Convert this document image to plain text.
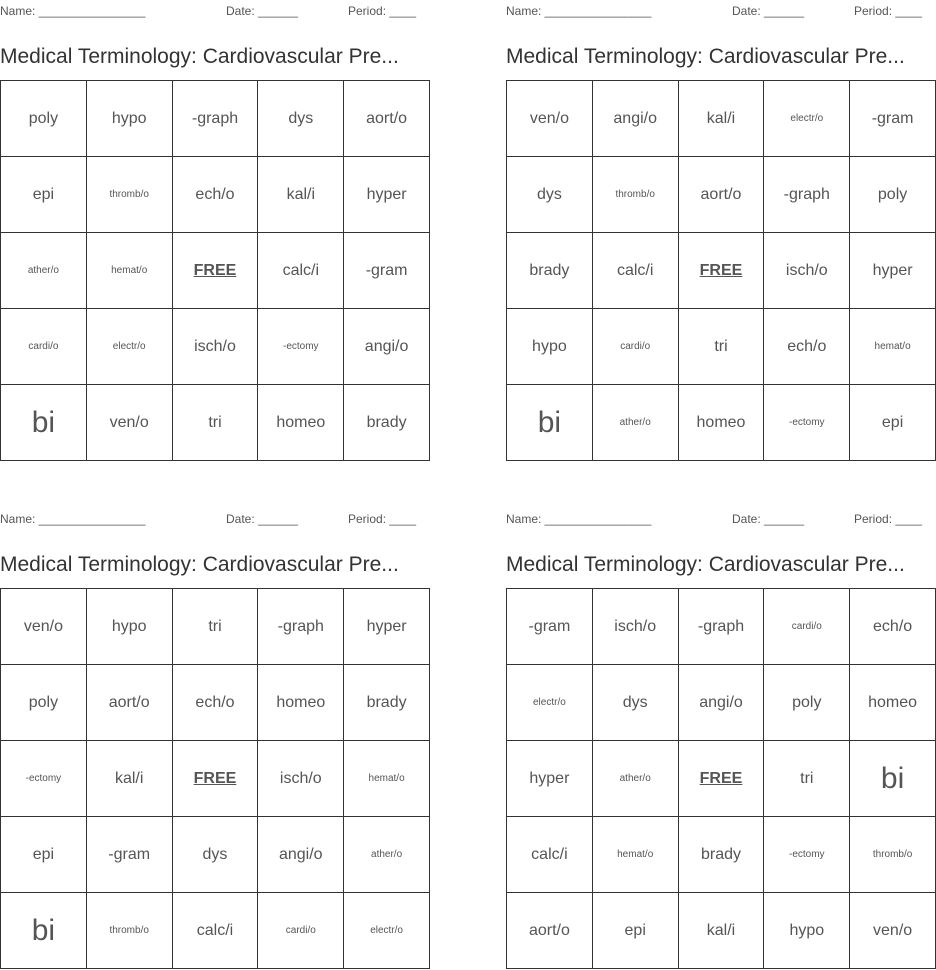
Name: ________________	Date: ______	Period: ____
Medical Terminology: Cardiovascular Pre...
poly	hypo	-graph	dys	aort/o
epi	thromb/o	ech/o	kal/i	hyper
ather/o	hemat/o	FREE	calc/i	-gram
cardi/o	electr/o	isch/o	-ectomy	angi/o
bi	ven/o	tri	homeo	brady
Name: ________________	Date: ______	Period: ____
Medical Terminology: Cardiovascular Pre...
ven/o	angi/o	kal/i	electr/o	-gram
dys	thromb/o	aort/o	-graph	poly
brady	calc/i	FREE	isch/o	hyper
hypo	cardi/o	tri	ech/o	hemat/o
bi	ather/o	homeo	-ectomy	epi
Name: ________________	Date: ______	Period: ____
Medical Terminology: Cardiovascular Pre...
ven/o	hypo	tri	-graph	hyper
poly	aort/o	ech/o	homeo	brady
-ectomy	kal/i	FREE	isch/o	hemat/o
epi	-gram	dys	angi/o	ather/o
bi	thromb/o	calc/i	cardi/o	electr/o
Name: ________________	Date: ______	Period: ____
Medical Terminology: Cardiovascular Pre...
-gram	isch/o	-graph	cardi/o	ech/o
electr/o	dys	angi/o	poly	homeo
hyper	ather/o	FREE	tri	bi
calc/i	hemat/o	brady	-ectomy	thromb/o
aort/o	epi	kal/i	hypo	ven/o
